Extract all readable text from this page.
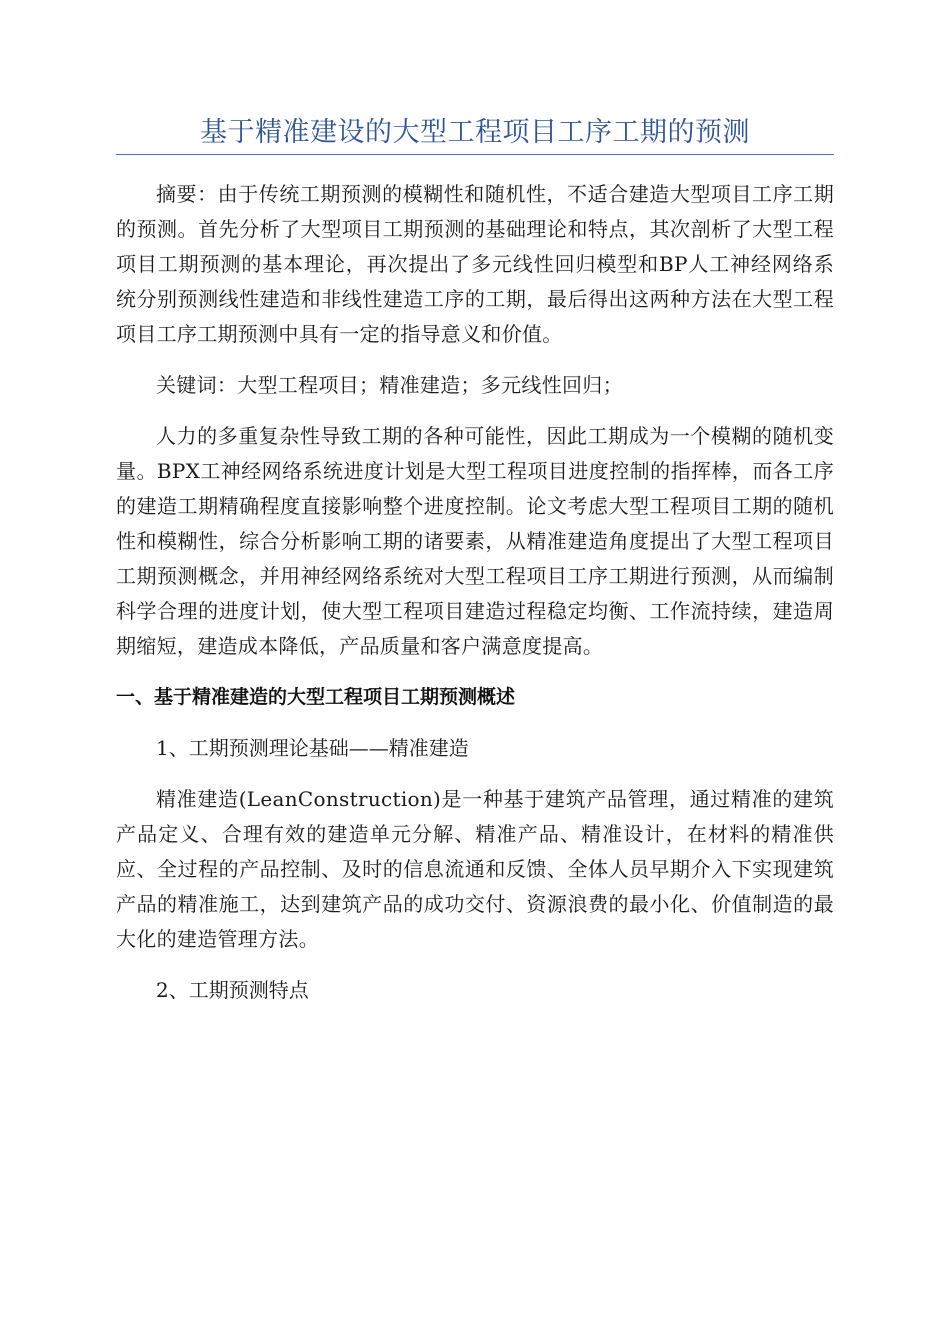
基于精准建设的大型工程项目工序工期的预测

摘要：由于传统工期预测的模糊性和随机性，不适合建造大型项目工序工期的预测。首先分析了大型项目工期预测的基础理论和特点，其次剖析了大型工程项目工期预测的基本理论，再次提出了多元线性回归模型和BP人工神经网络系统分别预测线性建造和非线性建造工序的工期，最后得出这两种方法在大型工程项目工序工期预测中具有一定的指导意义和价值。

关键词：大型工程项目；精准建造；多元线性回归；

人力的多重复杂性导致工期的各种可能性，因此工期成为一个模糊的随机变量。BPX工神经网络系统进度计划是大型工程项目进度控制的指挥棒，而各工序的建造工期精确程度直接影响整个进度控制。论文考虑大型工程项目工期的随机性和模糊性，综合分析影响工期的诸要素，从精准建造角度提出了大型工程项目工期预测概念，并用神经网络系统对大型工程项目工序工期进行预测，从而编制科学合理的进度计划，使大型工程项目建造过程稳定均衡、工作流持续，建造周期缩短，建造成本降低，产品质量和客户满意度提高。

一、基于精准建造的大型工程项目工期预测概述

1、工期预测理论基础——精准建造

精准建造(LeanConstruction)是一种基于建筑产品管理，通过精准的建筑产品定义、合理有效的建造单元分解、精准产品、精准设计，在材料的精准供应、全过程的产品控制、及时的信息流通和反馈、全体人员早期介入下实现建筑产品的精准施工，达到建筑产品的成功交付、资源浪费的最小化、价值制造的最大化的建造管理方法。

2、工期预测特点
